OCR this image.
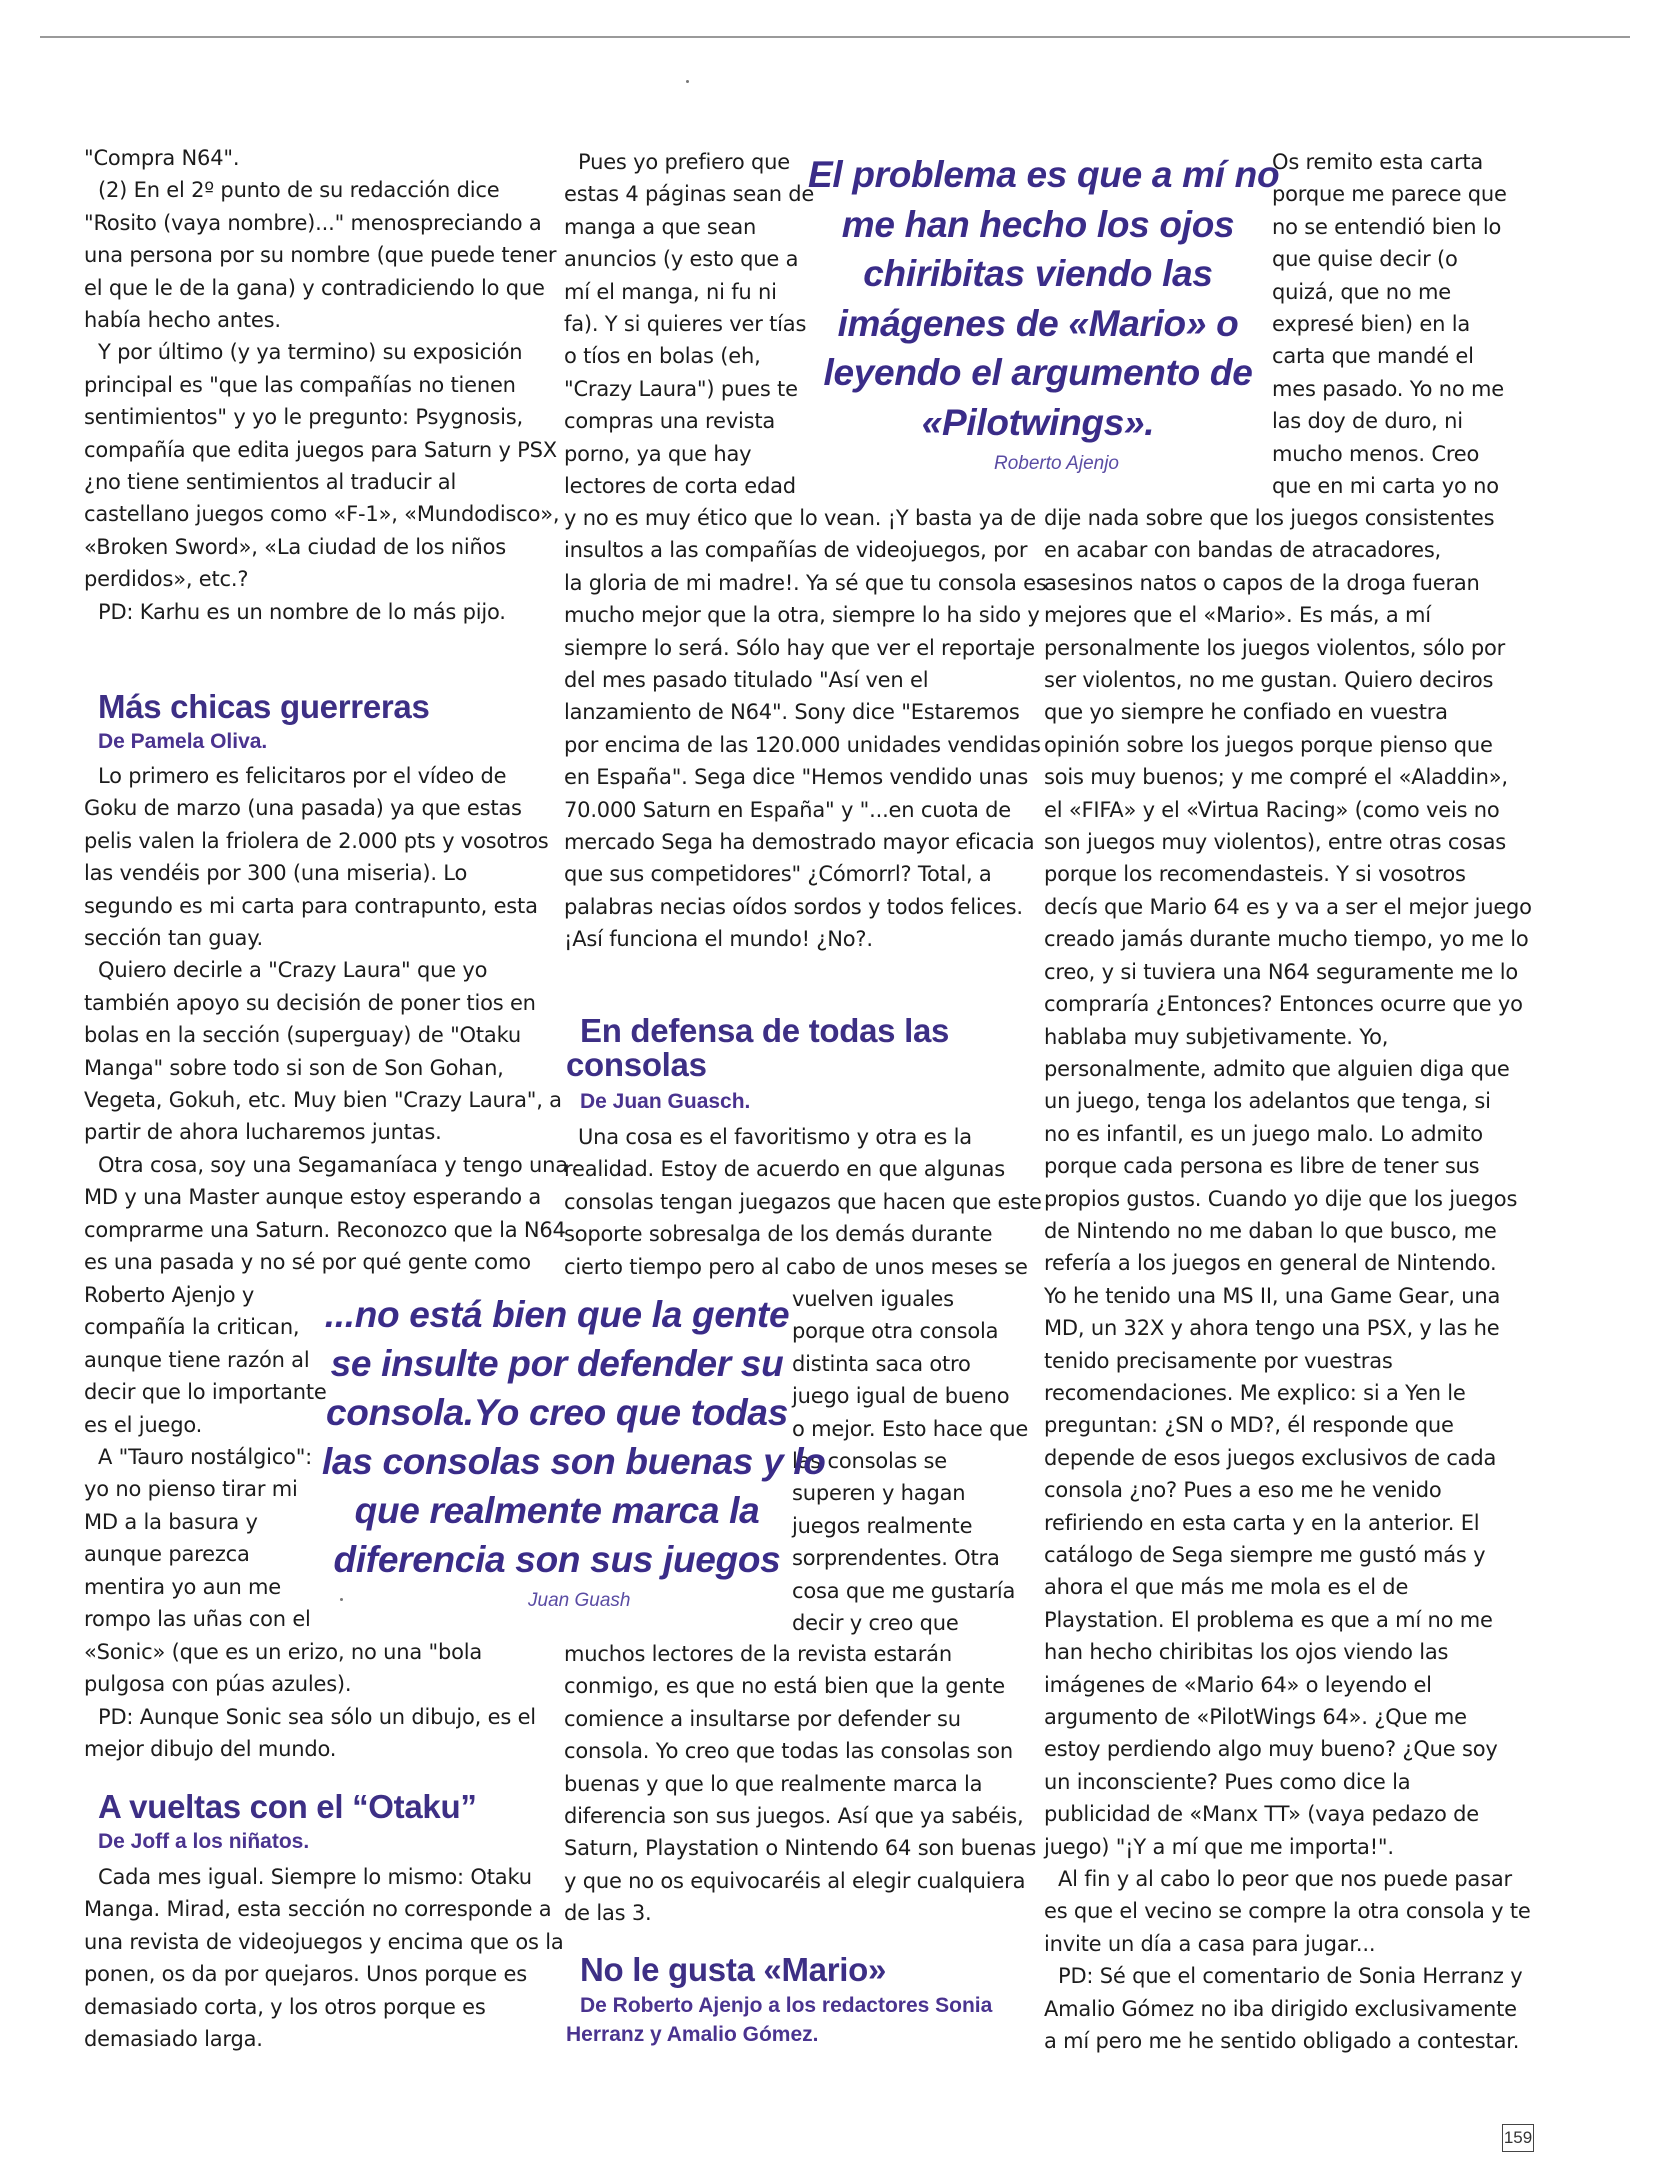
"Compra N64".
(2) En el 2º punto de su redacción dice
"Rosito (vaya nombre)..." menospreciando a
una persona por su nombre (que puede tener
el que le de la gana) y contradiciendo lo que
había hecho antes.
Y por último (y ya termino) su exposición
principal es "que las compañías no tienen
sentimientos" y yo le pregunto: Psygnosis,
compañía que edita juegos para Saturn y PSX
¿no tiene sentimientos al traducir al
castellano juegos como «F-1», «Mundodisco»,
«Broken Sword», «La ciudad de los niños
perdidos», etc.?
PD: Karhu es un nombre de lo más pijo.
Más chicas guerreras
De Pamela Oliva.
Lo primero es felicitaros por el vídeo de
Goku de marzo (una pasada) ya que estas
pelis valen la friolera de 2.000 pts y vosotros
las vendéis por 300 (una miseria). Lo
segundo es mi carta para contrapunto, esta
sección tan guay.
Quiero decirle a "Crazy Laura" que yo
también apoyo su decisión de poner tios en
bolas en la sección (superguay) de "Otaku
Manga" sobre todo si son de Son Gohan,
Vegeta, Gokuh, etc. Muy bien "Crazy Laura", a
partir de ahora lucharemos juntas.
Otra cosa, soy una Segamaníaca y tengo una
MD y una Master aunque estoy esperando a
comprarme una Saturn. Reconozco que la N64
es una pasada y no sé por qué gente como
Roberto Ajenjo y
compañía la critican,
aunque tiene razón al
decir que lo importante
es el juego.
A "Tauro nostálgico":
yo no pienso tirar mi
MD a la basura y
aunque parezca
mentira yo aun me
rompo las uñas con el
«Sonic» (que es un erizo, no una "bola
pulgosa con púas azules).
PD: Aunque Sonic sea sólo un dibujo, es el
mejor dibujo del mundo.
A vueltas con el “Otaku”
De Joff a los niñatos.
Cada mes igual. Siempre lo mismo: Otaku
Manga. Mirad, esta sección no corresponde a
una revista de videojuegos y encima que os la
ponen, os da por quejaros. Unos porque es
demasiado corta, y los otros porque es
demasiado larga.
Pues yo prefiero que
estas 4 páginas sean de
manga a que sean
anuncios (y esto que a
mí el manga, ni fu ni
fa). Y si quieres ver tías
o tíos en bolas (eh,
"Crazy Laura") pues te
compras una revista
porno, ya que hay
lectores de corta edad
y no es muy ético que lo vean. ¡Y basta ya de
insultos a las compañías de videojuegos, por
la gloria de mi madre!. Ya sé que tu consola es
mucho mejor que la otra, siempre lo ha sido y
siempre lo será. Sólo hay que ver el reportaje
del mes pasado titulado "Así ven el
lanzamiento de N64". Sony dice "Estaremos
por encima de las 120.000 unidades vendidas
en España". Sega dice "Hemos vendido unas
70.000 Saturn en España" y "...en cuota de
mercado Sega ha demostrado mayor eficacia
que sus competidores" ¿Cómorrl? Total, a
palabras necias oídos sordos y todos felices.
¡Así funciona el mundo! ¿No?.
El problema es que a mí no
me han hecho los ojos
chiribitas viendo las
imágenes de «Mario» o
leyendo el argumento de
«Pilotwings».
Roberto Ajenjo
En defensa de todas las
consolas
De Juan Guasch.
Una cosa es el favoritismo y otra es la
realidad. Estoy de acuerdo en que algunas
consolas tengan juegazos que hacen que este
soporte sobresalga de los demás durante
cierto tiempo pero al cabo de unos meses se
vuelven iguales
porque otra consola
distinta saca otro
juego igual de bueno
o mejor. Esto hace que
las consolas se
superen y hagan
juegos realmente
sorprendentes. Otra
cosa que me gustaría
decir y creo que
muchos lectores de la revista estarán
conmigo, es que no está bien que la gente
comience a insultarse por defender su
consola. Yo creo que todas las consolas son
buenas y que lo que realmente marca la
diferencia son sus juegos. Así que ya sabéis,
Saturn, Playstation o Nintendo 64 son buenas
y que no os equivocaréis al elegir cualquiera
de las 3.
...no está bien que la gente
se insulte por defender su
consola.Yo creo que todas
las consolas son buenas y lo
que realmente marca la
diferencia son sus juegos
Juan Guash
No le gusta «Mario»
De Roberto Ajenjo a los redactores Sonia
Herranz y Amalio Gómez.
Os remito esta carta
porque me parece que
no se entendió bien lo
que quise decir (o
quizá, que no me
expresé bien) en la
carta que mandé el
mes pasado. Yo no me
las doy de duro, ni
mucho menos. Creo
que en mi carta yo no
dije nada sobre que los juegos consistentes
en acabar con bandas de atracadores,
asesinos natos o capos de la droga fueran
mejores que el «Mario». Es más, a mí
personalmente los juegos violentos, sólo por
ser violentos, no me gustan. Quiero deciros
que yo siempre he confiado en vuestra
opinión sobre los juegos porque pienso que
sois muy buenos; y me compré el «Aladdin»,
el «FIFA» y el «Virtua Racing» (como veis no
son juegos muy violentos), entre otras cosas
porque los recomendasteis. Y si vosotros
decís que Mario 64 es y va a ser el mejor juego
creado jamás durante mucho tiempo, yo me lo
creo, y si tuviera una N64 seguramente me lo
compraría ¿Entonces? Entonces ocurre que yo
hablaba muy subjetivamente. Yo,
personalmente, admito que alguien diga que
un juego, tenga los adelantos que tenga, si
no es infantil, es un juego malo. Lo admito
porque cada persona es libre de tener sus
propios gustos. Cuando yo dije que los juegos
de Nintendo no me daban lo que busco, me
refería a los juegos en general de Nintendo.
Yo he tenido una MS II, una Game Gear, una
MD, un 32X y ahora tengo una PSX, y las he
tenido precisamente por vuestras
recomendaciones. Me explico: si a Yen le
preguntan: ¿SN o MD?, él responde que
depende de esos juegos exclusivos de cada
consola ¿no? Pues a eso me he venido
refiriendo en esta carta y en la anterior. El
catálogo de Sega siempre me gustó más y
ahora el que más me mola es el de
Playstation. El problema es que a mí no me
han hecho chiribitas los ojos viendo las
imágenes de «Mario 64» o leyendo el
argumento de «PilotWings 64». ¿Que me
estoy perdiendo algo muy bueno? ¿Que soy
un inconsciente? Pues como dice la
publicidad de «Manx TT» (vaya pedazo de
juego) "¡Y a mí que me importa!".
Al fin y al cabo lo peor que nos puede pasar
es que el vecino se compre la otra consola y te
invite un día a casa para jugar...
PD: Sé que el comentario de Sonia Herranz y
Amalio Gómez no iba dirigido exclusivamente
a mí pero me he sentido obligado a contestar.
159
